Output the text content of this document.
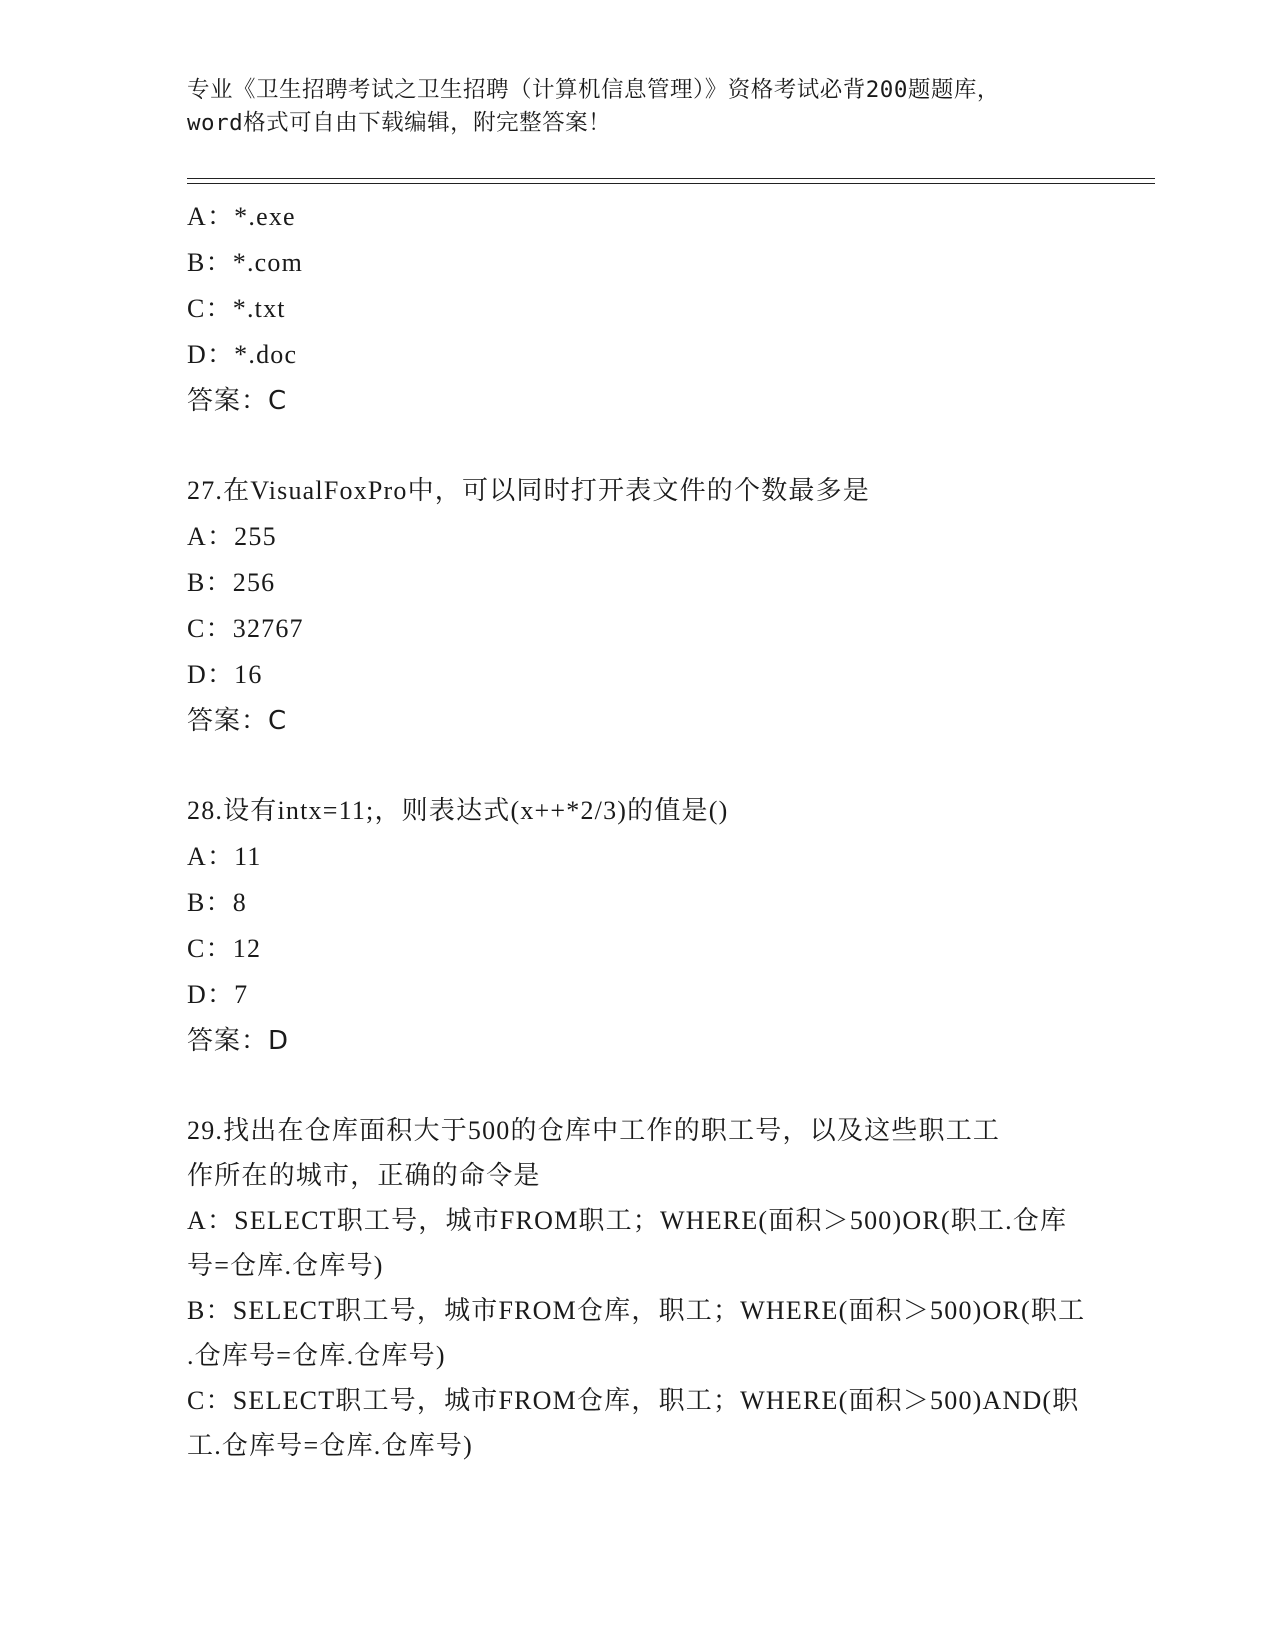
专业《卫生招聘考试之卫生招聘（计算机信息管理）》资格考试必背200题题库，
word格式可自由下载编辑，附完整答案！
A：*.exe
B：*.com
C：*.txt
D：*.doc
答案：C
27.在VisualFoxPro中，可以同时打开表文件的个数最多是
A：255
B：256
C：32767
D：16
答案：C
28.设有intx=11;，则表达式(x++*2/3)的值是()
A：11
B：8
C：12
D：7
答案：D
29.找出在仓库面积大于500的仓库中工作的职工号，以及这些职工工
作所在的城市，正确的命令是
A：SELECT职工号，城市FROM职工；WHERE(面积＞500)OR(职工.仓库
号=仓库.仓库号)
B：SELECT职工号，城市FROM仓库，职工；WHERE(面积＞500)OR(职工
.仓库号=仓库.仓库号)
C：SELECT职工号，城市FROM仓库，职工；WHERE(面积＞500)AND(职
工.仓库号=仓库.仓库号)
